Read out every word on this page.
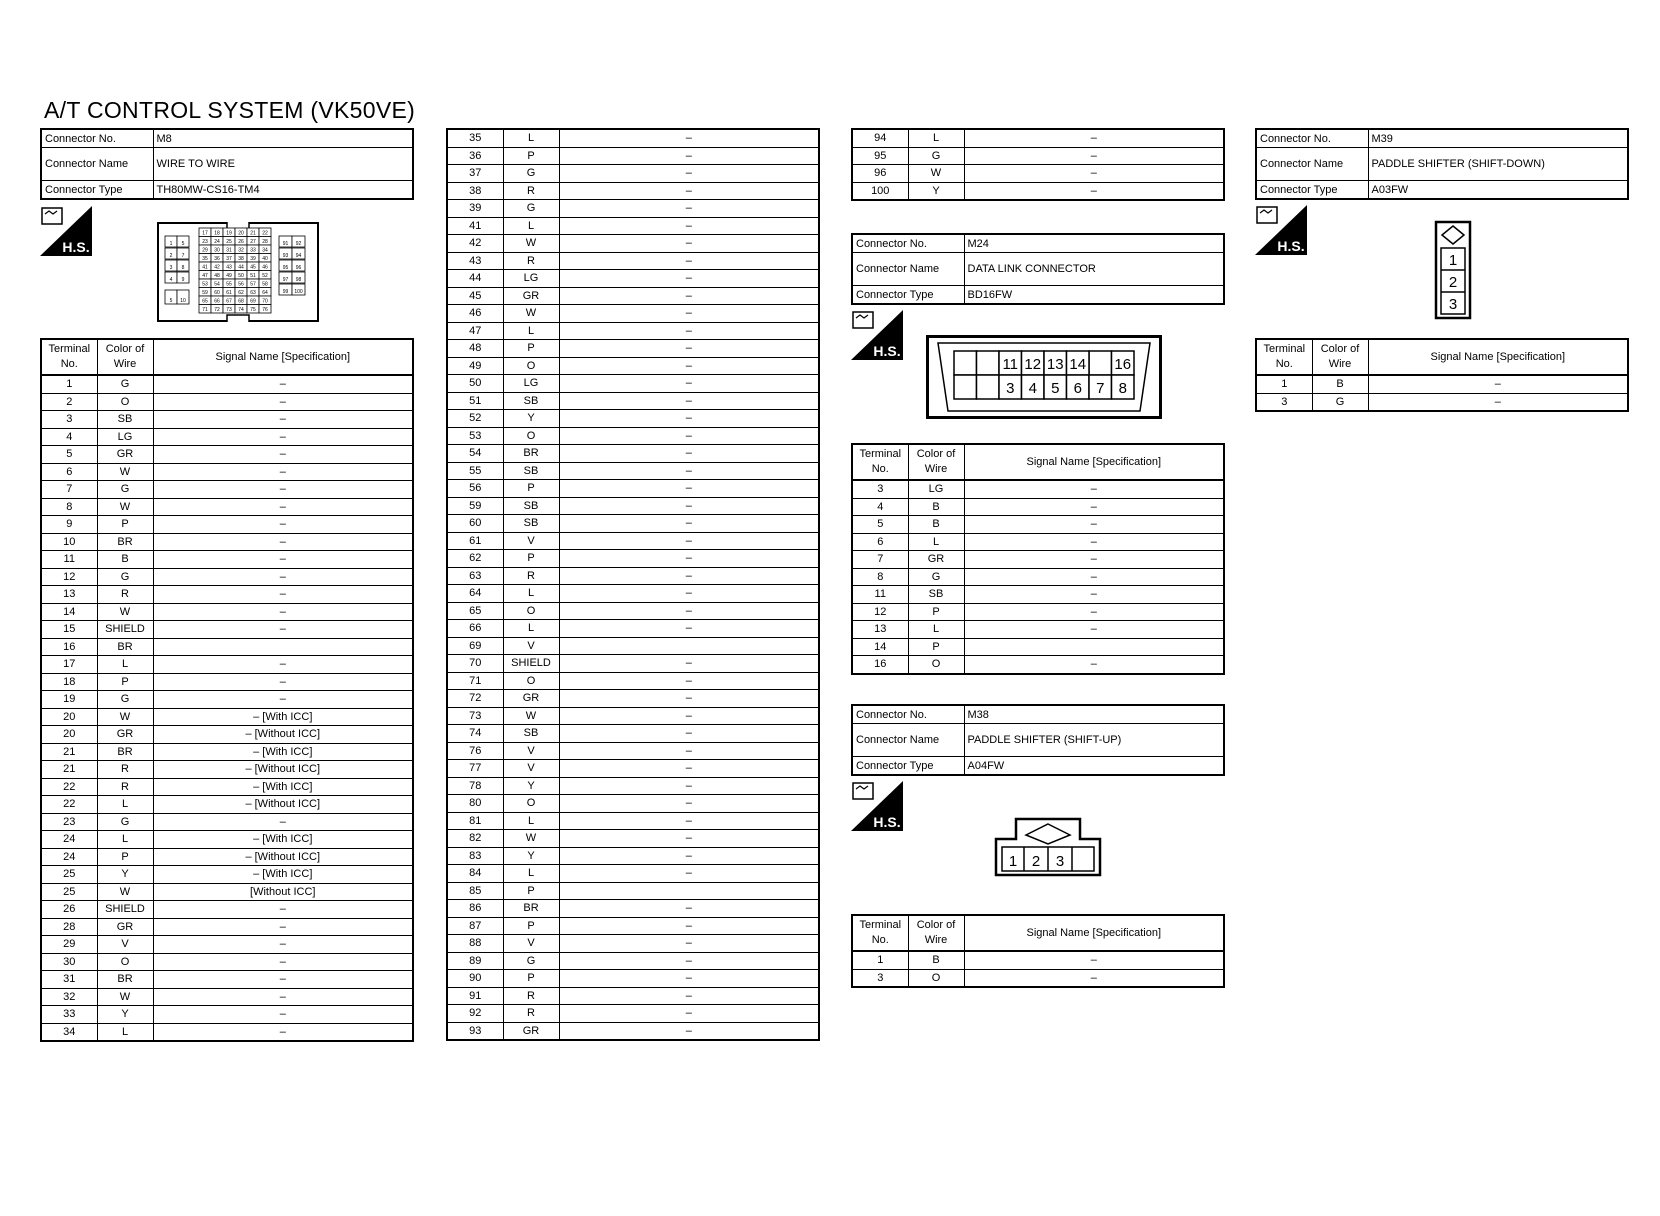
A/T CONTROL SYSTEM (VK50VE)
Connector No.	M8
Connector Name	WIRE TO WIRE
Connector Type	TH80MW-CS16-TM4
H.S.	1 5
2 7
3 8
4 9
5 10
17 18 19 20 21 22
23 24 25 26 27 28
29 30 31 32 33 34
35 36 37 38 39 40
41 42 43 44 45 46
47 48 49 50 51 52
53 54 55 56 57 58
59 60 61 62 63 64
65 66 67 68 69 70
71 72 73 74 75 76
91 92
93 94
95 96
97 98
99 100
Terminal No.	Color of Wire	Signal Name [Specification]
1	G	–
2	O	–
3	SB	–
4	LG	–
5	GR	–
6	W	–
7	G	–
8	W	–
9	P	–
10	BR	–
11	B	–
12	G	–
13	R	–
14	W	–
15	SHIELD	–
16	BR	
17	L	–
18	P	–
19	G	–
20	W	– [With ICC]
20	GR	– [Without ICC]
21	BR	– [With ICC]
21	R	– [Without ICC]
22	R	– [With ICC]
22	L	– [Without ICC]
23	G	–
24	L	– [With ICC]
24	P	– [Without ICC]
25	Y	– [With ICC]
25	W	[Without ICC]
26	SHIELD	–
28	GR	–
29	V	–
30	O	–
31	BR	–
32	W	–
33	Y	–
34	L	–
35	L	–
36	P	–
37	G	–
38	R	–
39	G	–
41	L	–
42	W	–
43	R	–
44	LG	–
45	GR	–
46	W	–
47	L	–
48	P	–
49	O	–
50	LG	–
51	SB	–
52	Y	–
53	O	–
54	BR	–
55	SB	–
56	P	–
59	SB	–
60	SB	–
61	V	–
62	P	–
63	R	–
64	L	–
65	O	–
66	L	–
69	V	
70	SHIELD	–
71	O	–
72	GR	–
73	W	–
74	SB	–
76	V	–
77	V	–
78	Y	–
80	O	–
81	L	–
82	W	–
83	Y	–
84	L	–
85	P	
86	BR	–
87	P	–
88	V	–
89	G	–
90	P	–
91	R	–
92	R	–
93	GR	–
94	L	–
95	G	–
96	W	–
100	Y	–
Connector No.	M24
Connector Name	DATA LINK CONNECTOR
Connector Type	BD16FW
H.S.
11 12 13 14 16
3 4 5 6 7 8
Terminal No.	Color of Wire	Signal Name [Specification]
3	LG	–
4	B	–
5	B	–
6	L	–
7	GR	–
8	G	–
11	SB	–
12	P	–
13	L	–
14	P	
16	O	–
Connector No.	M38
Connector Name	PADDLE SHIFTER (SHIFT-UP)
Connector Type	A04FW
H.S.
1 2 3
Terminal No.	Color of Wire	Signal Name [Specification]
1	B	–
3	O	–
Connector No.	M39
Connector Name	PADDLE SHIFTER (SHIFT-DOWN)
Connector Type	A03FW
H.S.
1
2
3
Terminal No.	Color of Wire	Signal Name [Specification]
1	B	–
3	G	–
